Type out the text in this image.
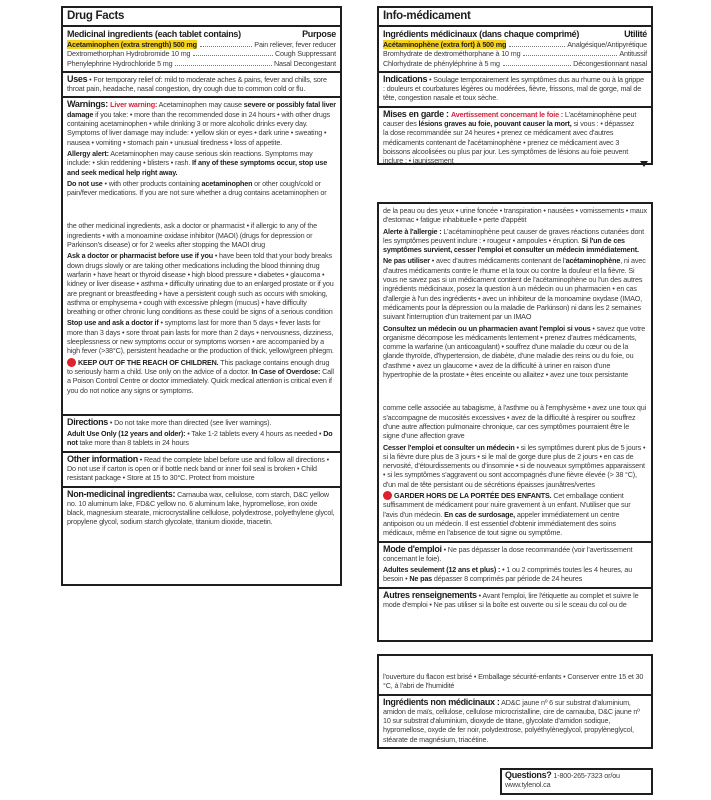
Drug Facts
Medicinal ingredients (each tablet contains)	Purpose
Acetaminophen (extra strength) 500 mg	Pain reliever, fever reducer
Dextromethorphan Hydrobromide 10 mg	Cough Suppressant
Phenylephrine Hydrochloride 5 mg	Nasal Decongestant

Uses • For temporary relief of: mild to moderate aches & pains, fever and chills, sore throat pain, headache, nasal congestion, dry cough due to common cold or flu.

Warnings: Liver warning: Acetaminophen may cause severe or possibly fatal liver damage if you take: • more than the recommended dose in 24 hours • with other drugs containing acetaminophen • while drinking 3 or more alcoholic drinks every day. Symptoms of liver damage may include: • yellow skin or eyes • dark urine • sweating • nausea • vomiting • stomach pain • unusual tiredness • loss of appetite.

Allergy alert: Acetaminophen may cause serious skin reactions. Symptoms may include: • skin reddening • blisters • rash. If any of these symptoms occur, stop use and seek medical help right away.

Do not use • with other products containing acetaminophen or other cough/cold or pain/fever medications. If you are not sure whether a drug contains acetaminophen or

the other medicinal ingredients, ask a doctor or pharmacist • if allergic to any of the ingredients • with a monoamine oxidase inhibitor (MAOI) (drugs for depression or Parkinson's disease) or for 2 weeks after stopping the MAOI drug

Ask a doctor or pharmacist before use if you • have been told that your body breaks down drugs slowly or are taking other medications including the blood thinning drug warfarin • have heart or thyroid disease • high blood pressure • diabetes • glaucoma • kidney or liver disease • asthma • difficulty urinating due to an enlarged prostate or if you are pregnant or breastfeeding • have a persistent cough such as occurs with smoking, asthma or emphysema • cough with excessive phlegm (mucus) • have difficulty breathing or other chronic lung conditions as these could be signs of a serious condition

Stop use and ask a doctor if • symptoms last for more than 5 days • fever lasts for more than 3 days • sore throat pain lasts for more than 2 days • nervousness, dizziness, sleeplessness or new symptoms occur or symptoms worsen • are accompanied by a high fever (>38°C), persistent headache or the production of thick, yellow/green phlegm.

KEEP OUT OF THE REACH OF CHILDREN. This package contains enough drug to seriously harm a child. Use only on the advice of a doctor. In Case of Overdose: Call a Poison Control Centre or doctor immediately. Quick medical attention is critical even if you do not notice any signs or symptoms.

Directions • Do not take more than directed (see liver warnings).

Adult Use Only (12 years and older): • Take 1-2 tablets every 4 hours as needed • Do not take more than 8 tablets in 24 hours

Other information • Read the complete label before use and follow all directions • Do not use if carton is open or if bottle neck band or inner foil seal is broken • Child resistant package • Store at 15 to 30°C. Protect from moisture

Non-medicinal ingredients: Carnauba wax, cellulose, corn starch, D&C yellow no. 10 aluminum lake, FD&C yellow no. 6 aluminum lake, hypromellose, iron oxide black, magnesium stearate, microcrystalline cellulose, polydextrose, polyethylene glycol, propylene glycol, sodium starch glycolate, titanium dioxide, triacetin.

Info-médicament
Ingrédients médicinaux (dans chaque comprimé)	Utilité
Acétaminophène (extra fort) à 500 mg	Analgésique/Antipyrétique
Bromhydrate de dextrométhorphane à 10 mg	Antitussif
Chlorhydrate de phényléphrine à 5 mg	Décongestionnant nasal

Indications • Soulage temporairement les symptômes dus au rhume ou à la grippe : douleurs et courbatures légères ou modérées, fièvre, frissons, mal de gorge, mal de tête, congestion nasale et toux sèche.

Mises en garde : Avertissement concernant le foie : L'acétaminophène peut causer des lésions graves au foie, pouvant causer la mort, si vous : • dépassez la dose recommandée sur 24 heures • prenez ce médicament avec d'autres médicaments contenant de l'acétaminophène • prenez ce médicament avec 3 boissons alcoolisées ou plus par jour. Les symptômes de lésions au foie peuvent inclure : • jaunissement

de la peau ou des yeux • urine foncée • transpiration • nausées • vomissements • maux d'estomac • fatigue inhabituelle • perte d'appétit

Alerte à l'allergie : L'acétaminophène peut causer de graves réactions cutanées dont les symptômes peuvent inclure : • rougeur • ampoules • éruption. Si l'un de ces symptômes survient, cesser l'emploi et consulter un médecin immédiatement.

Ne pas utiliser • avec d'autres médicaments contenant de l'acétaminophène, ni avec d'autres médicaments contre le rhume et la toux ou contre la douleur et la fièvre. Si vous ne savez pas si un médicament contient de l'acétaminophène ou l'un des autres ingrédients médicinaux, posez la question à un médecin ou un pharmacien • en cas d'allergie à l'un des ingrédients • avec un inhibiteur de la monoamine oxydase (IMAO, médicaments pour la dépression ou la maladie de Parkinson) ni dans les 2 semaines suivant l'interruption d'un traitement par un IMAO

Consultez un médecin ou un pharmacien avant l'emploi si vous • savez que votre organisme décompose les médicaments lentement • prenez d'autres médicaments, comme la warfarine (un anticoagulant) • souffrez d'une maladie du cœur ou de la glande thyroïde, d'hypertension, de diabète, d'une maladie des reins ou du foie, ou d'asthme • avez un glaucome • avez de la difficulté à uriner en raison d'une hypertrophie de la prostate • êtes enceinte ou allaitez • avez une toux persistante

comme celle associée au tabagisme, à l'asthme ou à l'emphysème • avez une toux qui s'accompagne de mucosités excessives • avez de la difficulté à respirer ou souffrez d'une autre affection pulmonaire chronique, car ces symptômes pourraient être le signe d'une affection grave

Cesser l'emploi et consulter un médecin • si les symptômes durent plus de 5 jours • si la fièvre dure plus de 3 jours • si le mal de gorge dure plus de 2 jours • en cas de nervosité, d'étourdissements ou d'insomnie • si de nouveaux symptômes apparaissent • si les symptômes s'aggravent ou sont accompagnés d'une fièvre élevée (> 38 °C), d'un mal de tête persistant ou de sécrétions épaisses jaunâtres/vertes

GARDER HORS DE LA PORTÉE DES ENFANTS. Cet emballage contient suffisamment de médicament pour nuire gravement à un enfant. N'utiliser que sur l'avis d'un médecin. En cas de surdosage, appeler immédiatement un centre antipoison ou un médecin. Il est essentiel d'obtenir immédiatement des soins médicaux, même en l'absence de tout signe ou symptôme.

Mode d'emploi • Ne pas dépasser la dose recommandée (voir l'avertissement concernant le foie).

Adultes seulement (12 ans et plus) : • 1 ou 2 comprimés toutes les 4 heures, au besoin • Ne pas dépasser 8 comprimés par période de 24 heures

Autres renseignements • Avant l'emploi, lire l'étiquette au complet et suivre le mode d'emploi • Ne pas utiliser si la boîte est ouverte ou si le sceau du col ou de

l'ouverture du flacon est brisé • Emballage sécurité-enfants • Conserver entre 15 et 30 °C, à l'abri de l'humidité

Ingrédients non médicinaux : AD&C jaune nº 6 sur substrat d'aluminium, amidon de maïs, cellulose, cellulose microcristalline, cire de carnauba, D&C jaune nº 10 sur substrat d'aluminium, dioxyde de titane, glycolate d'amidon sodique, hypromellose, oxyde de fer noir, polydextrose, polyéthylèneglycol, propylèneglycol, stéarate de magnésium, triacétine.

Questions? 1-800-265-7323 or/ou

www.tylenol.ca
